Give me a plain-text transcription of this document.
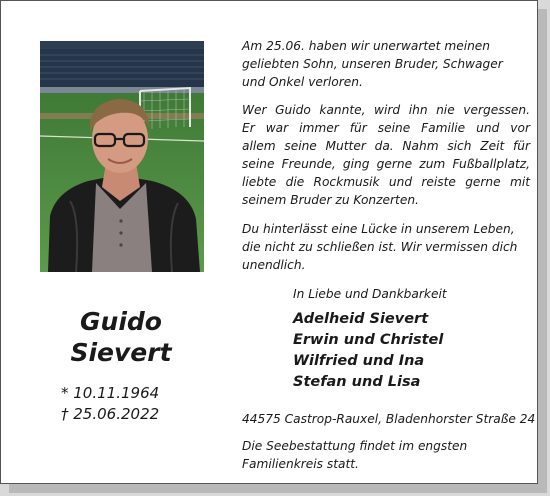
Guido
Sievert
* 10.11.1964
† 25.06.2022
Am 25.06. haben wir unerwartet meinen
geliebten Sohn, unseren Bruder, Schwager
und Onkel verloren.
Wer Guido kannte, wird ihn nie vergessen.
Er war immer für seine Familie und vor
allem seine Mutter da. Nahm sich Zeit für
seine Freunde, ging gerne zum Fußballplatz,
liebte die Rockmusik und reiste gerne mit
seinem Bruder zu Konzerten.
Du hinterlässt eine Lücke in unserem Leben,
die nicht zu schließen ist. Wir vermissen dich
unendlich.
In Liebe und Dankbarkeit
Adelheid Sievert
Erwin und Christel
Wilfried und Ina
Stefan und Lisa
44575 Castrop-Rauxel, Bladenhorster Straße 24
Die Seebestattung findet im engsten
Familienkreis statt.
